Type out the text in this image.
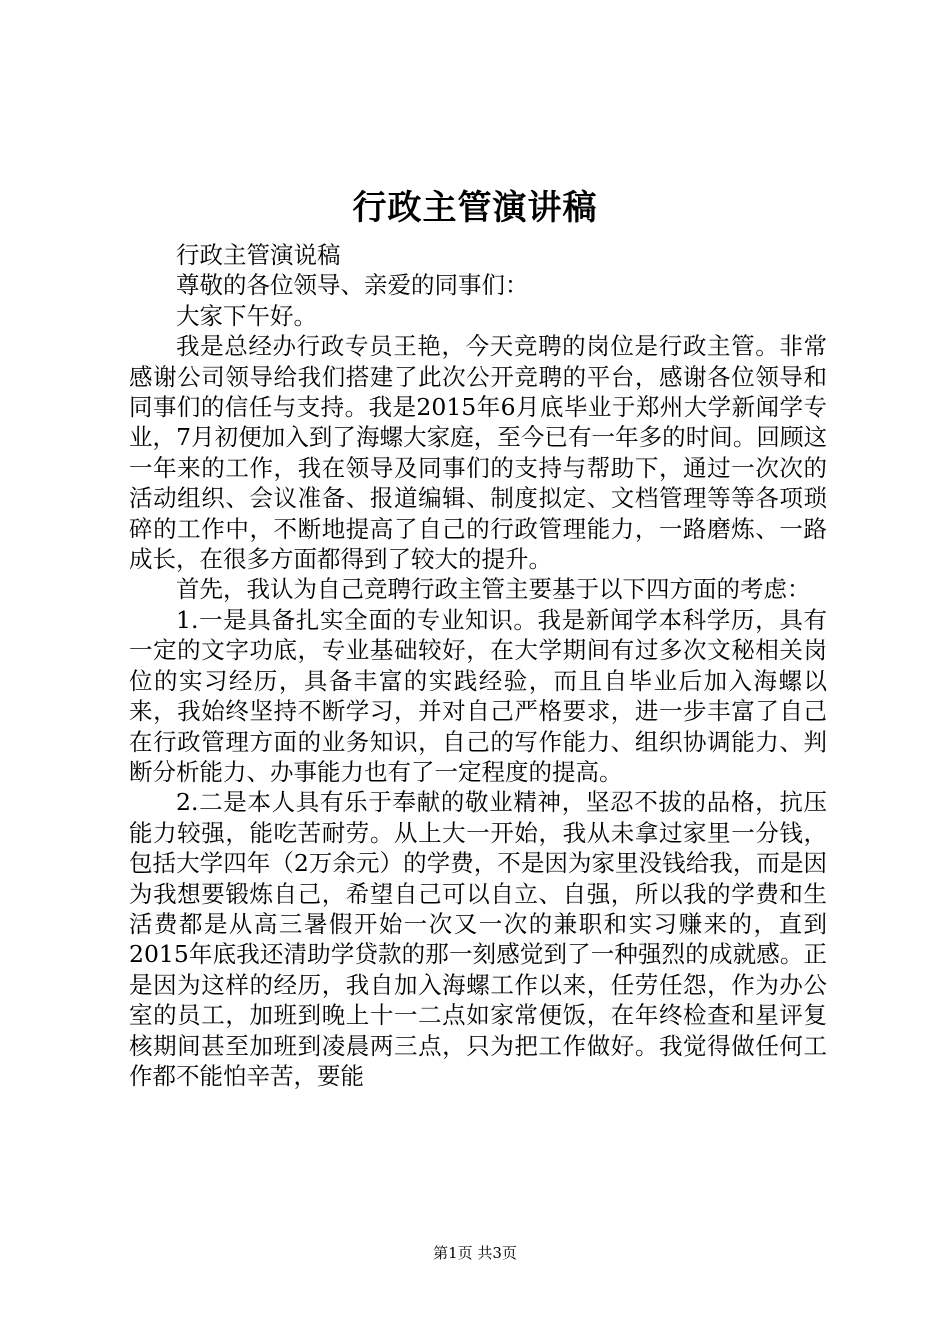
行政主管演讲稿

行政主管演说稿

尊敬的各位领导、亲爱的同事们：

大家下午好。

我是总经办行政专员王艳，今天竞聘的岗位是行政主管。非常感谢公司领导给我们搭建了此次公开竞聘的平台，感谢各位领导和同事们的信任与支持。我是2015年6月底毕业于郑州大学新闻学专业，7月初便加入到了海螺大家庭，至今已有一年多的时间。回顾这一年来的工作，我在领导及同事们的支持与帮助下，通过一次次的活动组织、会议准备、报道编辑、制度拟定、文档管理等等各项琐碎的工作中，不断地提高了自己的行政管理能力，一路磨炼、一路成长，在很多方面都得到了较大的提升。

首先，我认为自己竞聘行政主管主要基于以下四方面的考虑：

1.一是具备扎实全面的专业知识。我是新闻学本科学历，具有一定的文字功底，专业基础较好，在大学期间有过多次文秘相关岗位的实习经历，具备丰富的实践经验，而且自毕业后加入海螺以来，我始终坚持不断学习，并对自己严格要求，进一步丰富了自己在行政管理方面的业务知识，自己的写作能力、组织协调能力、判断分析能力、办事能力也有了一定程度的提高。

2.二是本人具有乐于奉献的敬业精神，坚忍不拔的品格，抗压能力较强，能吃苦耐劳。从上大一开始，我从未拿过家里一分钱，包括大学四年（2万余元）的学费，不是因为家里没钱给我，而是因为我想要锻炼自己，希望自己可以自立、自强，所以我的学费和生活费都是从高三暑假开始一次又一次的兼职和实习赚来的，直到2015年底我还清助学贷款的那一刻感觉到了一种强烈的成就感。正是因为这样的经历，我自加入海螺工作以来，任劳任怨，作为办公室的员工，加班到晚上十一二点如家常便饭，在年终检查和星评复核期间甚至加班到凌晨两三点，只为把工作做好。我觉得做任何工作都不能怕辛苦，要能

第1页 共3页
